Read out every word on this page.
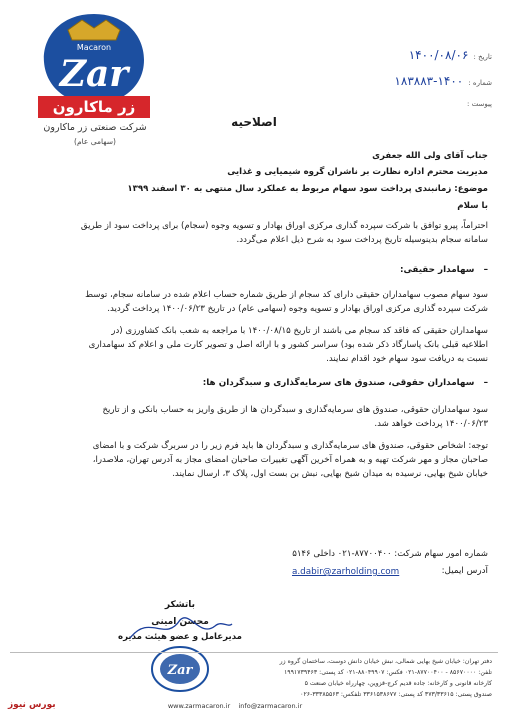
Macaron
Zar
زر ماکارون
شرکت صنعتی زر ماکارون
(سهامی عام)
تاریخ : ۱۴۰۰/۰۸/۰۶
شماره : ۱۴۰۰-۱۸۳۸۸۳
پیوست :
اصلاحیه
جناب آقای ولی الله جعفری
مدیریت محترم اداره نظارت بر ناشران گروه شیمیایی و غذایی
موضوع: زمانبندی پرداخت سود سهام مربوط به عملکرد سال منتهی به ۳۰ اسفند ۱۳۹۹
با سلام
احتراماً، پیرو توافق با شرکت سپرده گذاری مرکزی اوراق بهادار و تسویه وجوه (سجام) برای پرداخت سود از طریق
سامانه سجام بدینوسیله تاریخ پرداخت سود به شرح ذیل اعلام می‌گردد.
–   سهامدار حقیقی:
سود سهام مصوب سهامداران حقیقی دارای کد سجام از طریق شماره حساب اعلام شده در سامانه سجام، توسط
شرکت سپرده گذاری مرکزی اوراق بهادار و تسویه وجوه (سهامی عام) در تاریخ ۱۴۰۰/۰۶/۲۳ پرداخت گردید.
سهامداران حقیقی که فاقد کد سجام می باشند از تاریخ ۱۴۰۰/۰۸/۱۵ با مراجعه به شعب بانک کشاورزی (در
اطلاعیه قبلی بانک پاسارگاد ذکر شده بود) سراسر کشور و با ارائه اصل و تصویر کارت ملی و اعلام کد سهامداری
نسبت به دریافت سود سهام خود اقدام نمایند.
–   سهامداران حقوقی، صندوق های سرمایه‌گذاری و سبدگردان ها:
سود سهامداران حقوقی، صندوق های سرمایه‌گذاری و سبدگردان ها از طریق واریز به حساب بانکی و از تاریخ
۱۴۰۰/۰۶/۲۳ پرداخت خواهد شد.
توجه: اشخاص حقوقی، صندوق های سرمایه‌گذاری و سبدگردان ها باید فرم زیر را در سربرگ شرکت و با امضای
صاحبان مجاز و مهر شرکت تهیه و به همراه آخرین آگهی تغییرات صاحبان امضای مجاز به آدرس تهران، ملاصدرا،
خیابان شیخ بهایی، نرسیده به میدان شیخ بهایی، نبش بن بست اول، پلاک ۳، ارسال نمایند.
شماره امور سهام شرکت: ۸۷۷۰۰۴۰۰-۰۲۱ داخلی ۵۱۴۶
آدرس ایمیل:
a.dabir@zarholding.com
باتشکر
محسن امینی
مدیرعامل و عضو هیئت مدیره
Zar
دفتر تهران: خیابان شیخ بهایی شمالی، نبش خیابان دانش دوست، ساختمان گروه زر
تلفن: ۸۵۶۷۰۰۰۰ - ۸۷۷۰۰۴۰۰-۰۲۱ فکس: ۸۸۰۴۹۹۰۷-۰۲۱ کد پستی: ۱۹۹۱۷۳۹۴۶۳
کارخانه قانونی و کارخانه: جاده قدیم کرج-قزوین، چهارراه خیابان صنعت ۵
صندوق پستی: ۳۷۳/۳۳۶۱۵ کد پستی: ۳۳۶۱۵۳۸۶۷۷ تلفکس: ۳۳۳۸۵۵۶۳-۰۲۶
www.zarmacaron.ir info@zarmacaron.ir
بورس نیوز
